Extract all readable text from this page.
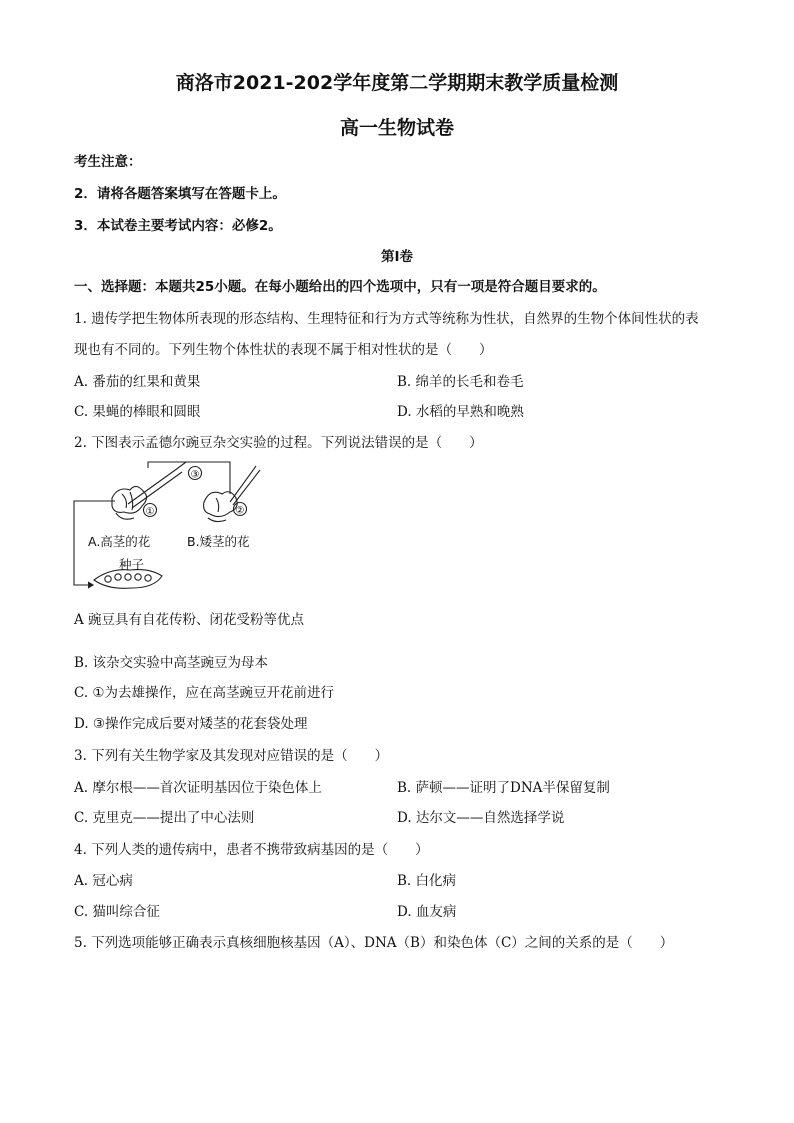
商洛市2021-202学年度第二学期期末教学质量检测
高一生物试卷
考生注意：
2．请将各题答案填写在答题卡上。
3．本试卷主要考试内容：必修2。
第Ⅰ卷
一、选择题：本题共25小题。在每小题给出的四个选项中，只有一项是符合题目要求的。
1. 遗传学把生物体所表现的形态结构、生理特征和行为方式等统称为性状，自然界的生物个体间性状的表
现也有不同的。下列生物个体性状的表现不属于相对性状的是（　　）
A. 番茄的红果和黄果	B. 绵羊的长毛和卷毛
C. 果蝇的棒眼和圆眼	D. 水稻的早熟和晚熟
2. 下图表示孟德尔豌豆杂交实验的过程。下列说法错误的是（　　）
①	②
③
A.高茎的花	B.矮茎的花
种子
A 豌豆具有自花传粉、闭花受粉等优点
B. 该杂交实验中高茎豌豆为母本
C. ①为去雄操作，应在高茎豌豆开花前进行
D. ③操作完成后要对矮茎的花套袋处理
3. 下列有关生物学家及其发现对应错误的是（　　）
A. 摩尔根——首次证明基因位于染色体上	B. 萨顿——证明了DNA半保留复制
C. 克里克——提出了中心法则	D. 达尔文——自然选择学说
4. 下列人类的遗传病中，患者不携带致病基因的是（　　）
A. 冠心病	B. 白化病
C. 猫叫综合征	D. 血友病
5. 下列选项能够正确表示真核细胞核基因（A）、DNA（B）和染色体（C）之间的关系的是（　　）
